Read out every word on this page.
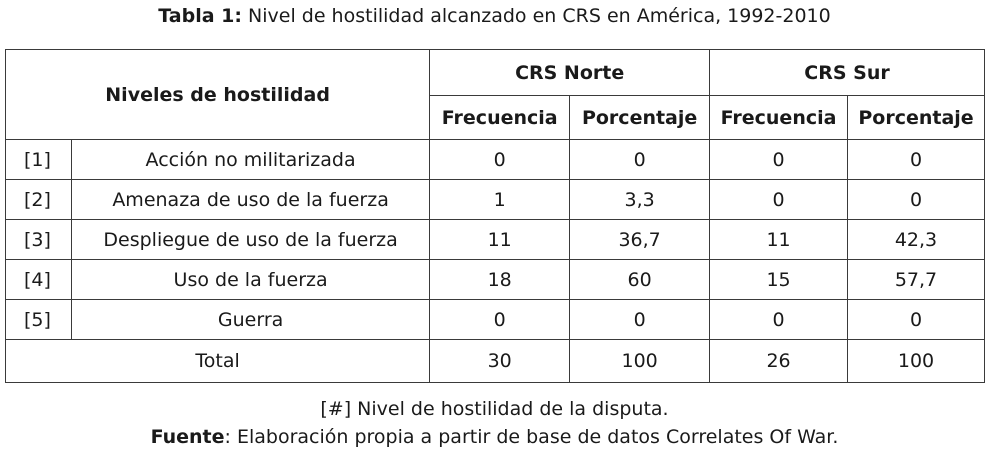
Tabla 1: Nivel de hostilidad alcanzado en CRS en América, 1992-2010
Niveles de hostilidad		CRS Norte		CRS Sur	
		Frecuencia	Porcentaje	Frecuencia	Porcentaje
[1]	Acción no militarizada	0	0	0	0
[2]	Amenaza de uso de la fuerza	1	3,3	0	0
[3]	Despliegue de uso de la fuerza	11	36,7	11	42,3
[4]	Uso de la fuerza	18	60	15	57,7
[5]	Guerra	0	0	0	0
Total		30	100	26	100
[#] Nivel de hostilidad de la disputa.
Fuente: Elaboración propia a partir de base de datos Correlates Of War.
